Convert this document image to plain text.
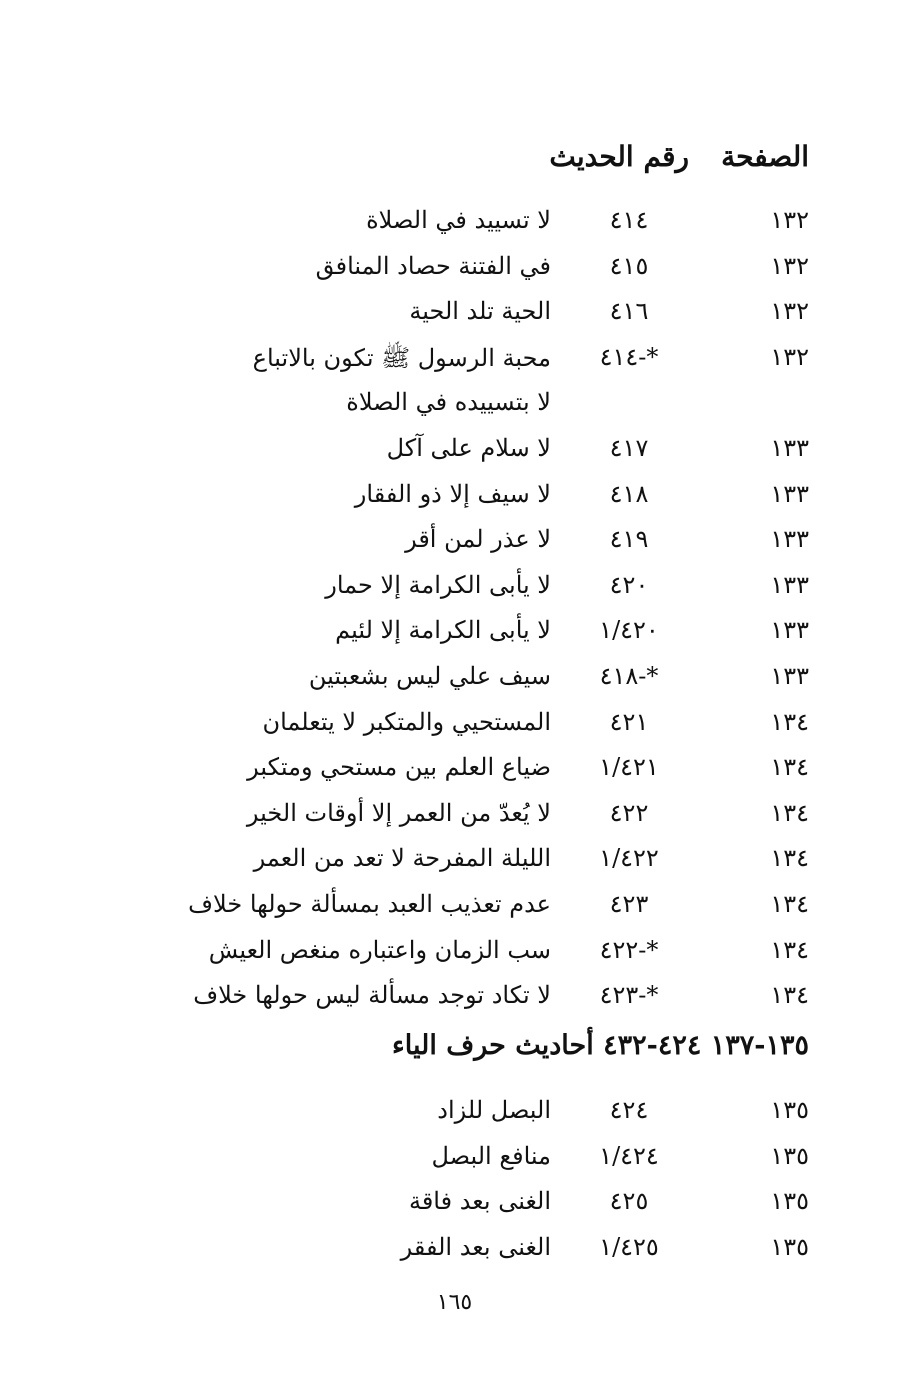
الصفحة
رقم الحديث
١٣٢
٤١٤
لا تسييد في الصلاة
١٣٢
٤١٥
في الفتنة حصاد المنافق
١٣٢
٤١٦
الحية تلد الحية
١٣٢
*-٤١٤
محبة الرسول ﷺ تكون بالاتباع
لا بتسييده في الصلاة
١٣٣
٤١٧
لا سلام على آكل
١٣٣
٤١٨
لا سيف إلا ذو الفقار
١٣٣
٤١٩
لا عذر لمن أقر
١٣٣
٤٢٠
لا يأبى الكرامة إلا حمار
١٣٣
١/٤٢٠
لا يأبى الكرامة إلا لئيم
١٣٣
*-٤١٨
سيف علي ليس بشعبتين
١٣٤
٤٢١
المستحيي والمتكبر لا يتعلمان
١٣٤
١/٤٢١
ضياع العلم بين مستحي ومتكبر
١٣٤
٤٢٢
لا يُعدّ من العمر إلا أوقات الخير
١٣٤
١/٤٢٢
الليلة المفرحة لا تعد من العمر
١٣٤
٤٢٣
عدم تعذيب العبد بمسألة حولها خلاف
١٣٤
*-٤٢٢
سب الزمان واعتباره منغص العيش
١٣٤
*-٤٢٣
لا تكاد توجد مسألة ليس حولها خلاف
١٣٥-١٣٧ ٤٢٤-٤٣٢ أحاديث حرف الياء
١٣٥
٤٢٤
البصل للزاد
١٣٥
١/٤٢٤
منافع البصل
١٣٥
٤٢٥
الغنى بعد فاقة
١٣٥
١/٤٢٥
الغنى بعد الفقر
١٦٥
